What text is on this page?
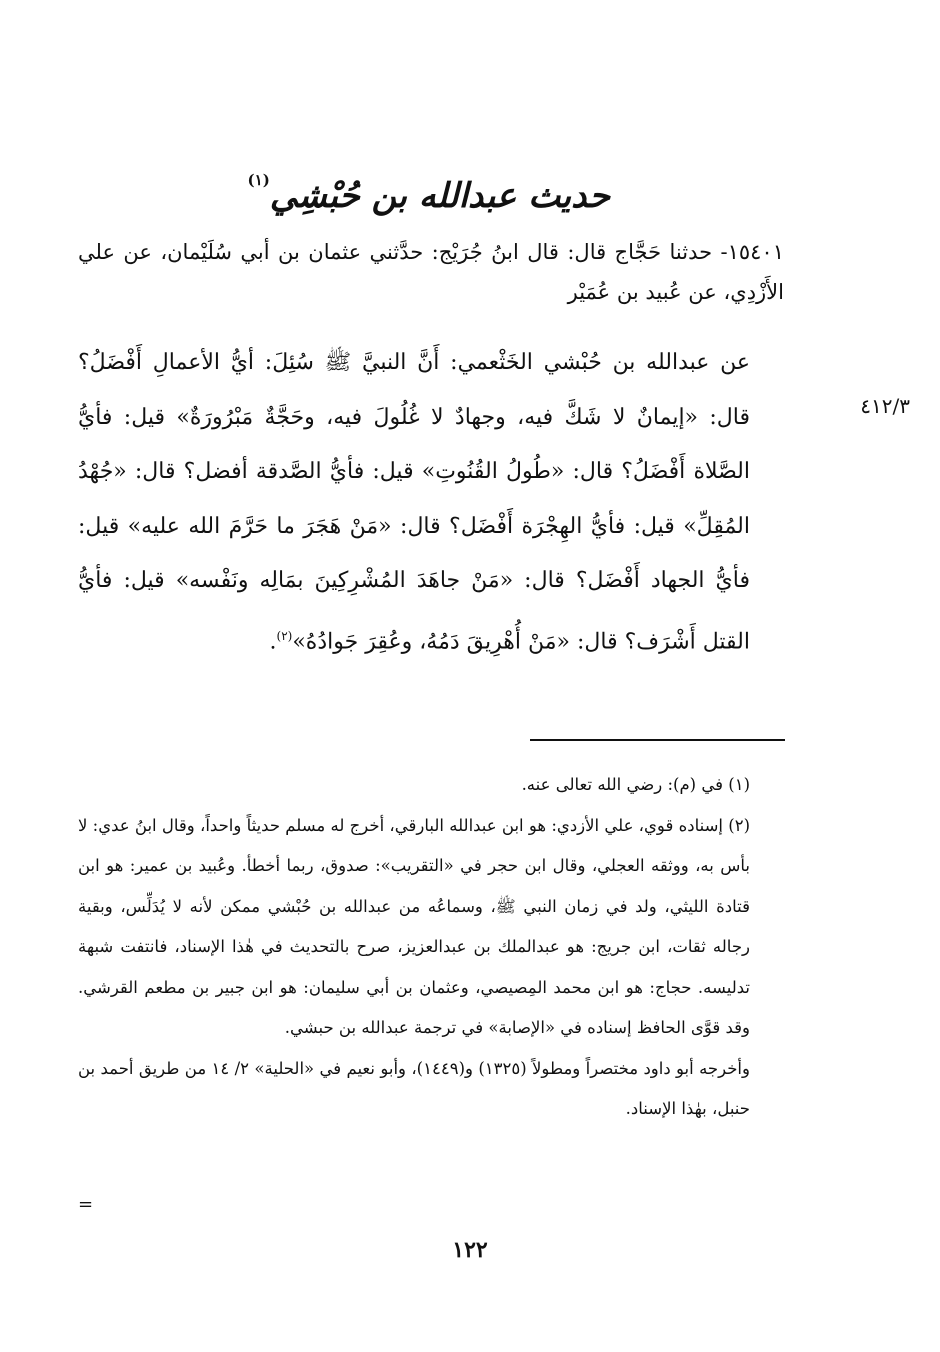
حديث عبدالله بن حُبْشِي$^{(١)}$
١٥٤٠١- حدثنا حَجَّاج قال: قال ابنُ جُرَيْج: حدَّثني عثمان بن أبي سُلَيْمان، عن علي الأَزْدِي، عن عُبيد بن عُمَيْر

عن عبدالله بن حُبْشي الخَثْعمي: أَنَّ النبيَّ ﷺ سُئِلَ: أيُّ الأعمالِ أَفْضَلُ؟ قال: «إيمانٌ لا شَكَّ فيه، وجهادٌ لا غُلُولَ فيه، وحَجَّةٌ مَبْرُورَةٌ» قيل: فأيُّ الصَّلاة أَفْضَلُ؟ قال: «طُولُ القُنُوتِ» قيل: فأيُّ الصَّدقة أفضل؟ قال: «جُهْدُ المُقِلِّ» قيل: فأيُّ الهِجْرَة أَفْضَل؟ قال: «مَنْ هَجَرَ ما حَرَّمَ الله عليه» قيل: فأيُّ الجهاد أَفْضَل؟ قال: «مَنْ جاهَدَ المُشْرِكِينَ بمَالِه ونَفْسه» قيل: فأيُّ القتل أَشْرَف؟ قال: «مَنْ أُهْرِيقَ دَمُهُ، وعُقِرَ جَوادُهُ»$^{(٢)}$.

٤١٢/٣

(١) في (م): رضي الله تعالى عنه.

(٢) إسناده قوي، علي الأزدي: هو ابن عبدالله البارقي، أخرج له مسلم حديثاً واحداً، وقال ابنُ عدي: لا بأس به، ووثقه العجلي، وقال ابن حجر في «التقريب»: صدوق، ربما أخطأ. وعُبيد بن عمير: هو ابن قتادة الليثي، ولد في زمان النبي ﷺ، وسماعُه من عبدالله بن حُبْشي ممكن لأنه لا يُدَلِّس، وبقية رجاله ثقات، ابن جريج: هو عبدالملك بن عبدالعزيز، صرح بالتحديث في هٰذا الإسناد، فانتفت شبهة تدليسه. حجاج: هو ابن محمد المِصيصي، وعثمان بن أبي سليمان: هو ابن جبير بن مطعم القرشي. وقد قوَّى الحافظ إسناده في «الإصابة» في ترجمة عبدالله بن حبشي.

وأخرجه أبو داود مختصراً ومطولاً (١٣٢٥) و(١٤٤٩)، وأبو نعيم في «الحلية» ٢/ ١٤ من طريق أحمد بن حنبل، بهٰذا الإسناد.

=
١٢٢
